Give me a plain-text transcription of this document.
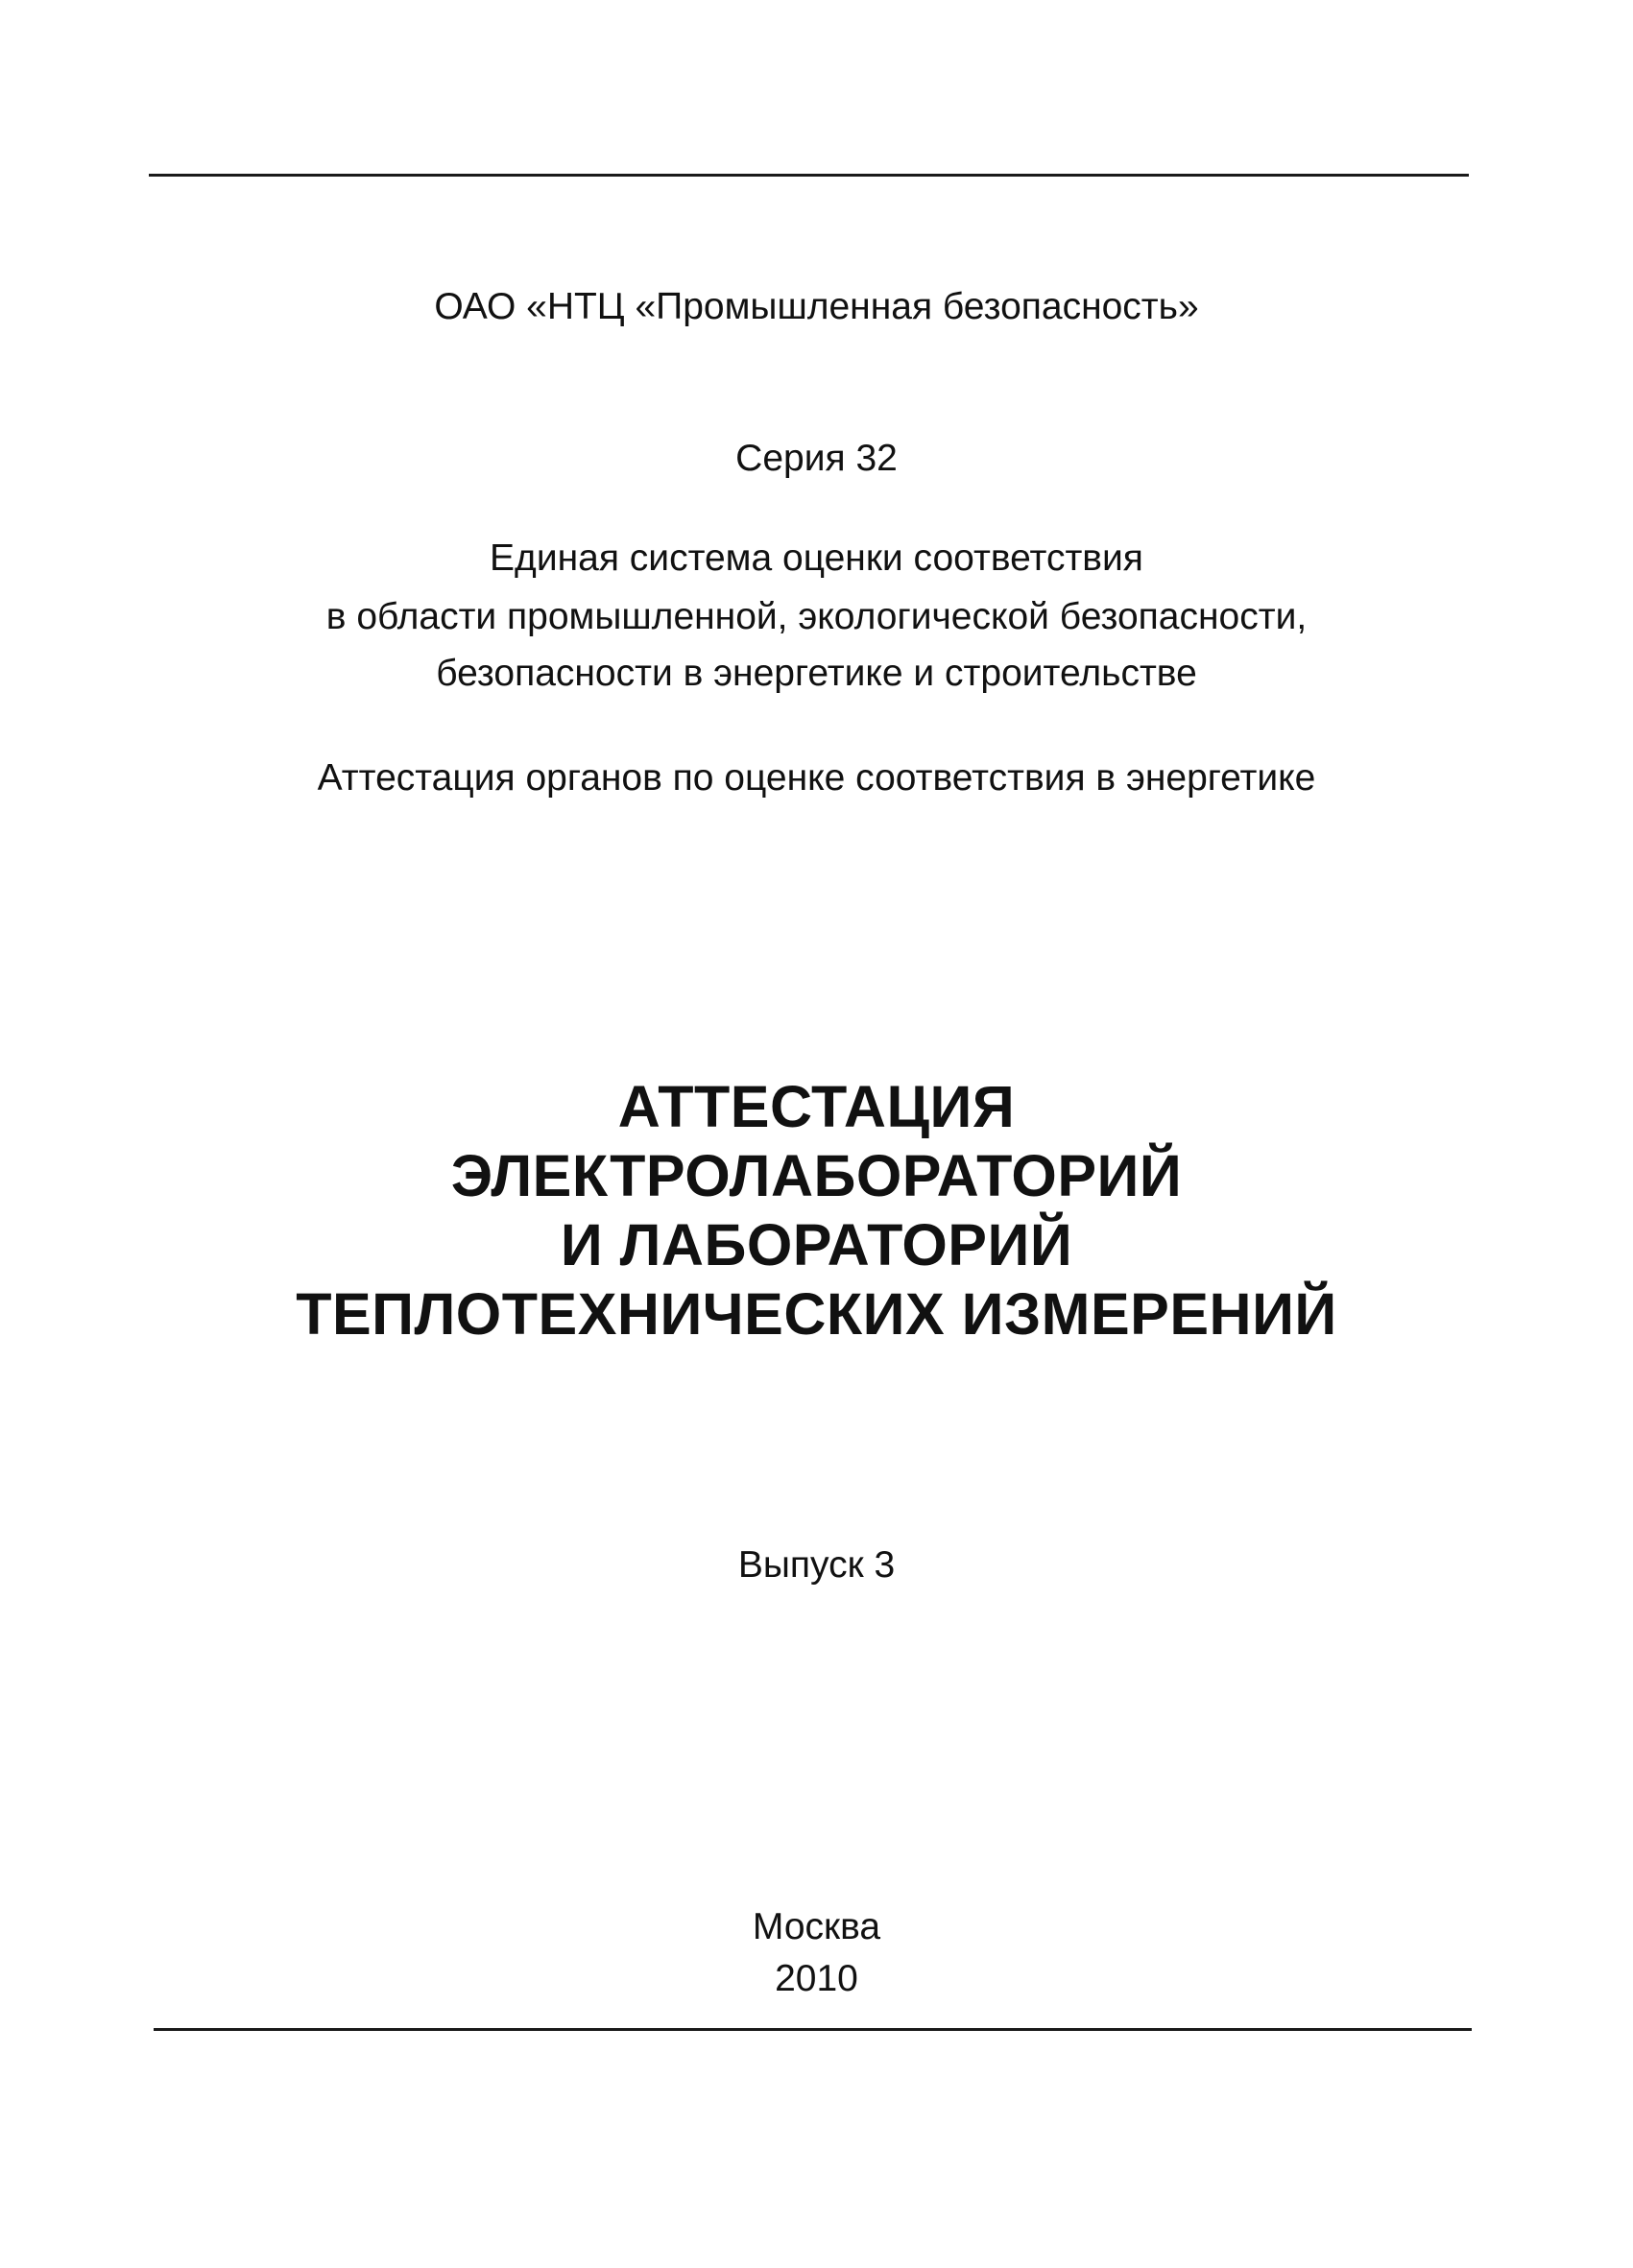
ОАО «НТЦ «Промышленная безопасность»

Серия 32

Единая система оценки соответствия

в области промышленной, экологической безопасности,

безопасности в энергетике и строительстве

Аттестация органов по оценке соответствия в энергетике

АТТЕСТАЦИЯ
ЭЛЕКТРОЛАБОРАТОРИЙ
И ЛАБОРАТОРИЙ
ТЕПЛОТЕХНИЧЕСКИХ ИЗМЕРЕНИЙ

Выпуск 3

Москва

2010
